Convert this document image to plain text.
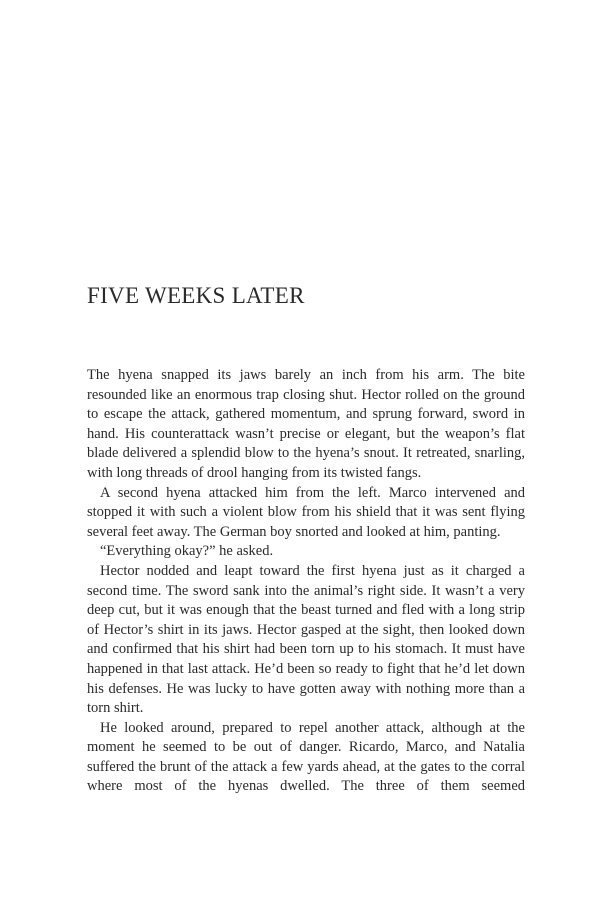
FIVE WEEKS LATER

The hyena snapped its jaws barely an inch from his arm. The bite resounded like an enormous trap closing shut. Hector rolled on the ground to escape the attack, gathered momentum, and sprung forward, sword in hand. His counterattack wasn’t precise or elegant, but the weapon’s flat blade delivered a splendid blow to the hyena’s snout. It retreated, snarling, with long threads of drool hanging from its twisted fangs.

A second hyena attacked him from the left. Marco intervened and stopped it with such a violent blow from his shield that it was sent flying several feet away. The German boy snorted and looked at him, panting.

“Everything okay?” he asked.

Hector nodded and leapt toward the first hyena just as it charged a second time. The sword sank into the animal’s right side. It wasn’t a very deep cut, but it was enough that the beast turned and fled with a long strip of Hector’s shirt in its jaws. Hector gasped at the sight, then looked down and confirmed that his shirt had been torn up to his stomach. It must have happened in that last attack. He’d been so ready to fight that he’d let down his defenses. He was lucky to have gotten away with nothing more than a torn shirt.

He looked around, prepared to repel another attack, although at the moment he seemed to be out of danger. Ricardo, Marco, and Natalia suffered the brunt of the attack a few yards ahead, at the gates to the corral where most of the hyenas dwelled. The three of them seemed
